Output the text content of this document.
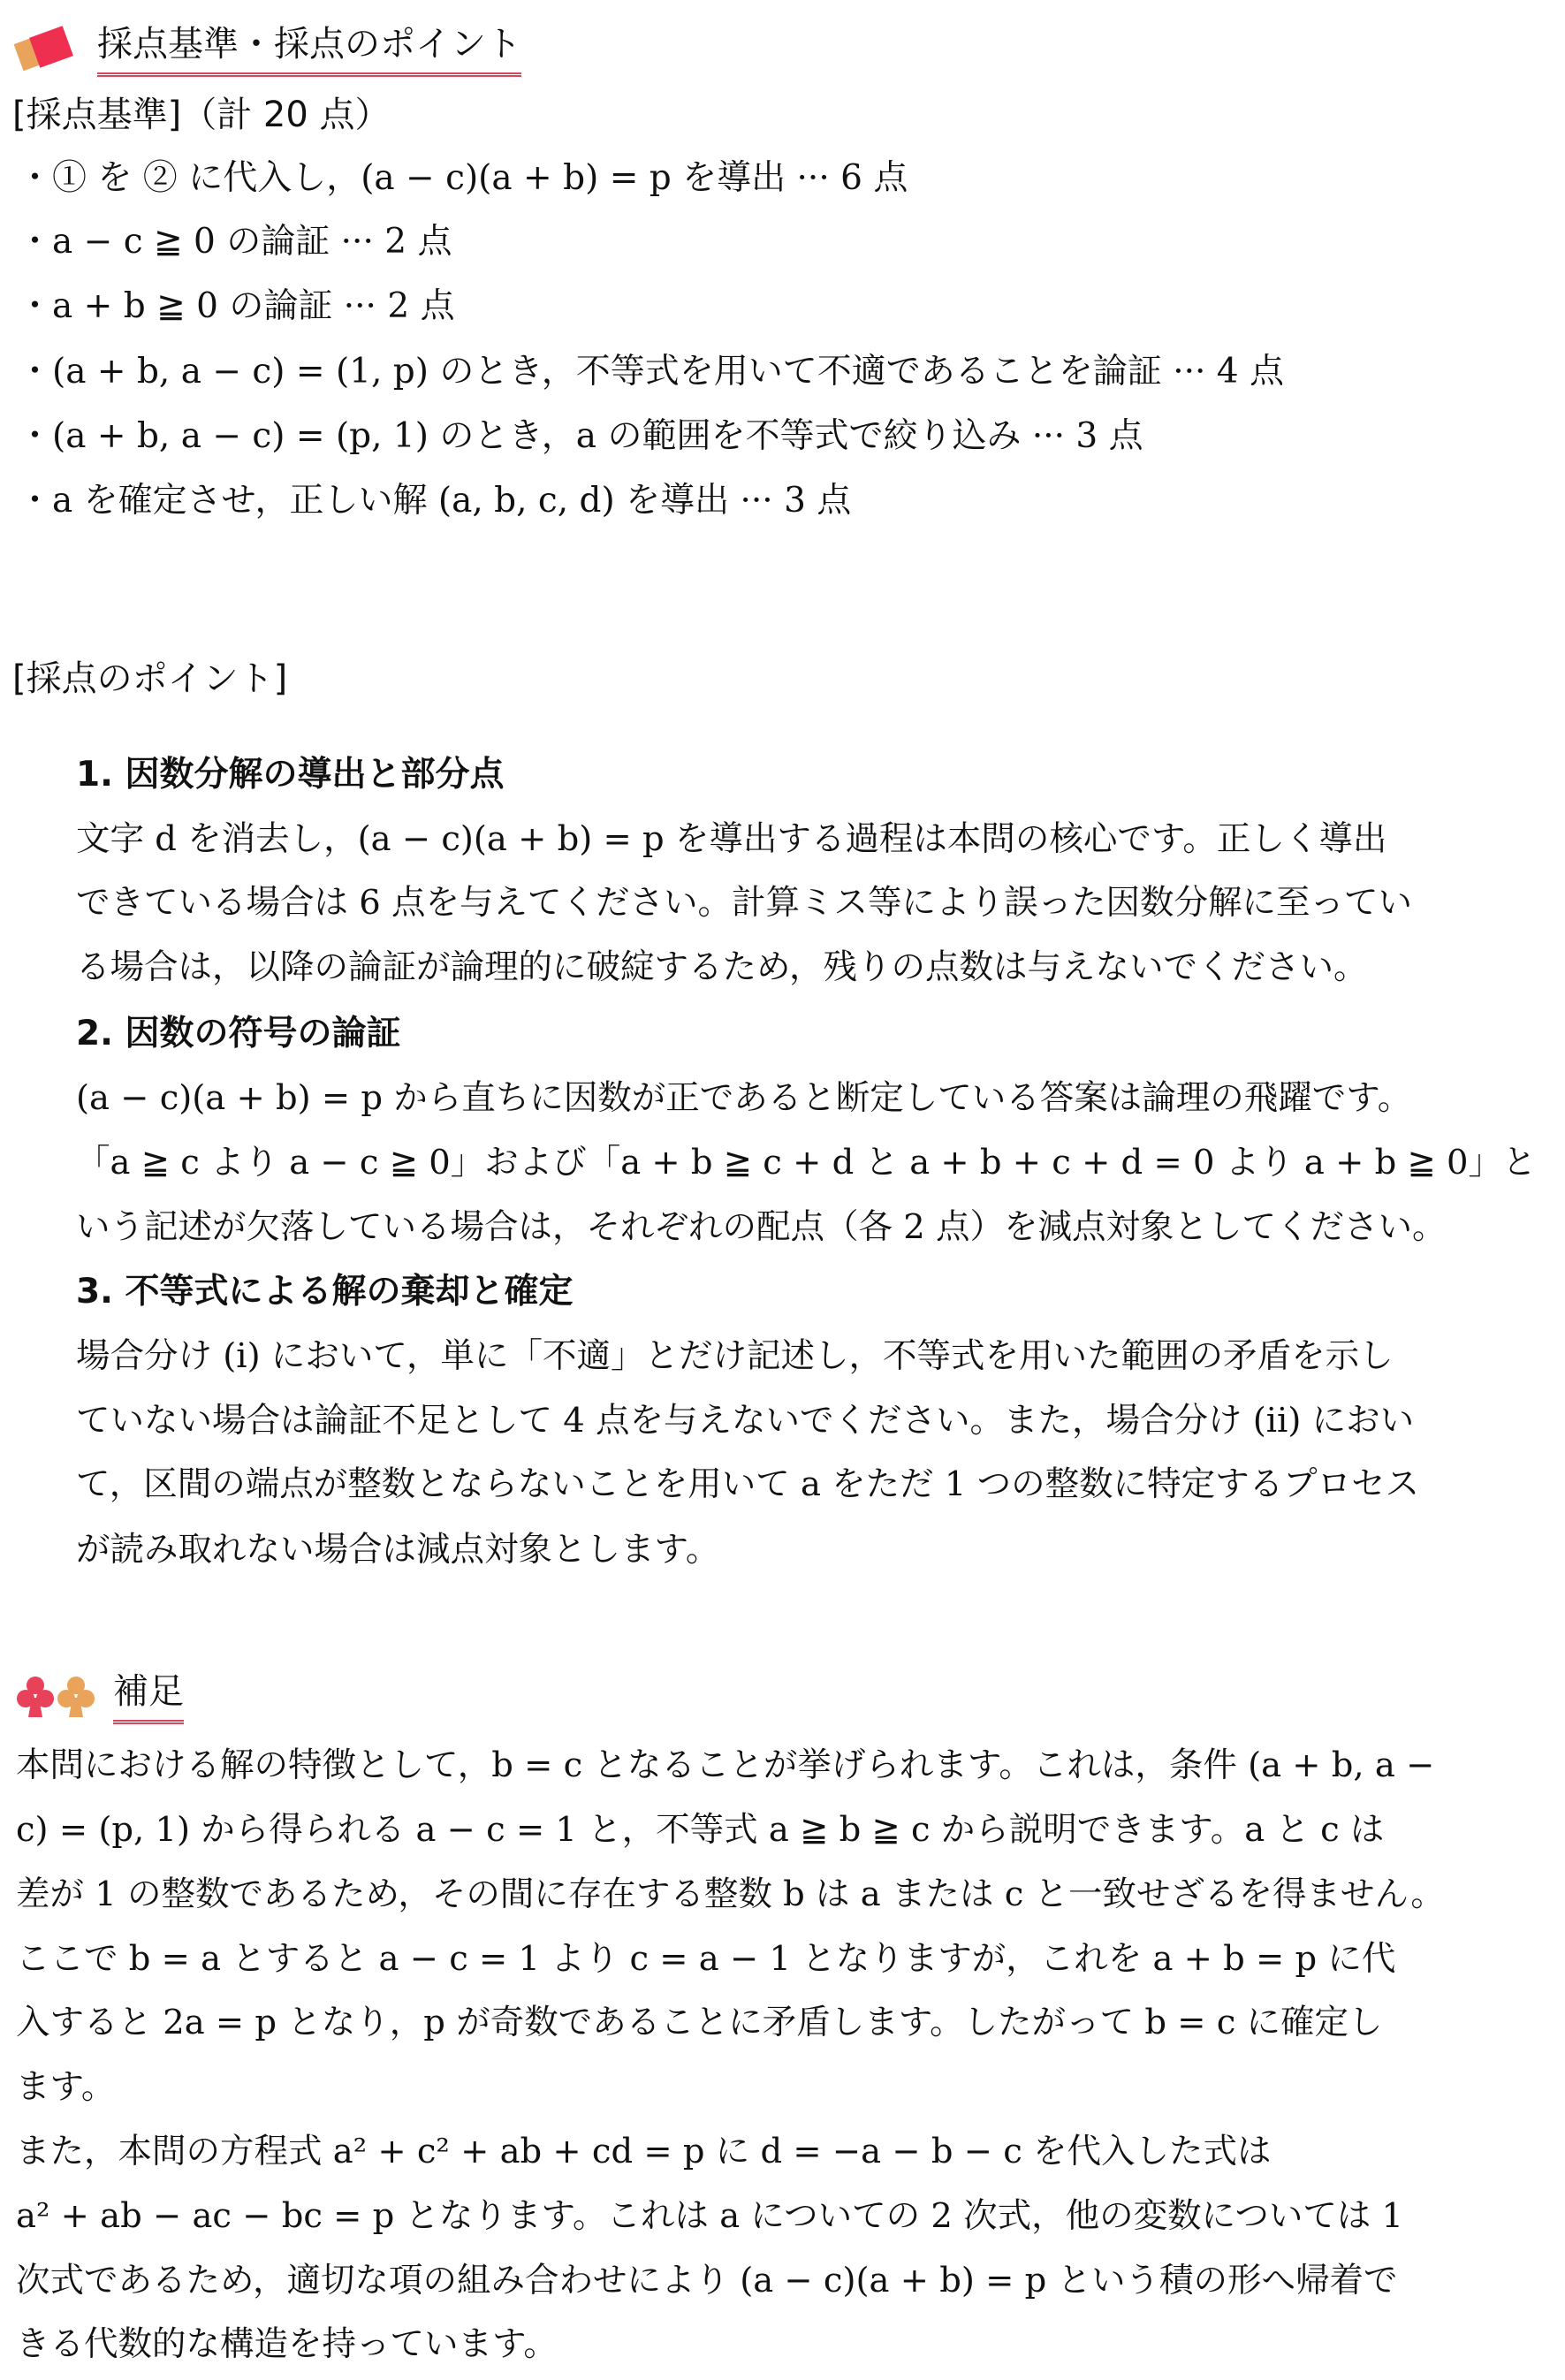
採点基準・採点のポイント
[採点基準]（計 20 点）
・① を ② に代入し，(a − c)(a + b) = p を導出 ··· 6 点
・a − c ≧ 0 の論証 ··· 2 点
・a + b ≧ 0 の論証 ··· 2 点
・(a + b, a − c) = (1, p) のとき，不等式を用いて不適であることを論証 ··· 4 点
・(a + b, a − c) = (p, 1) のとき，a の範囲を不等式で絞り込み ··· 3 点
・a を確定させ，正しい解 (a, b, c, d) を導出 ··· 3 点
[採点のポイント]
1. 因数分解の導出と部分点
文字 d を消去し，(a − c)(a + b) = p を導出する過程は本問の核心です。正しく導出
できている場合は 6 点を与えてください。計算ミス等により誤った因数分解に至ってい
る場合は，以降の論証が論理的に破綻するため，残りの点数は与えないでください。
2. 因数の符号の論証
(a − c)(a + b) = p から直ちに因数が正であると断定している答案は論理の飛躍です。
「a ≧ c より a − c ≧ 0」および「a + b ≧ c + d と a + b + c + d = 0 より a + b ≧ 0」と
いう記述が欠落している場合は，それぞれの配点（各 2 点）を減点対象としてください。
3. 不等式による解の棄却と確定
場合分け (i) において，単に「不適」とだけ記述し，不等式を用いた範囲の矛盾を示し
ていない場合は論証不足として 4 点を与えないでください。また，場合分け (ii) におい
て，区間の端点が整数とならないことを用いて a をただ 1 つの整数に特定するプロセス
が読み取れない場合は減点対象とします。
補足
本問における解の特徴として，b = c となることが挙げられます。これは，条件 (a + b, a −
c) = (p, 1) から得られる a − c = 1 と，不等式 a ≧ b ≧ c から説明できます。a と c は
差が 1 の整数であるため，その間に存在する整数 b は a または c と一致せざるを得ません。
ここで b = a とすると a − c = 1 より c = a − 1 となりますが，これを a + b = p に代
入すると 2a = p となり，p が奇数であることに矛盾します。したがって b = c に確定し
ます。
また，本問の方程式 a² + c² + ab + cd = p に d = −a − b − c を代入した式は
a² + ab − ac − bc = p となります。これは a についての 2 次式，他の変数については 1
次式であるため，適切な項の組み合わせにより (a − c)(a + b) = p という積の形へ帰着で
きる代数的な構造を持っています。
